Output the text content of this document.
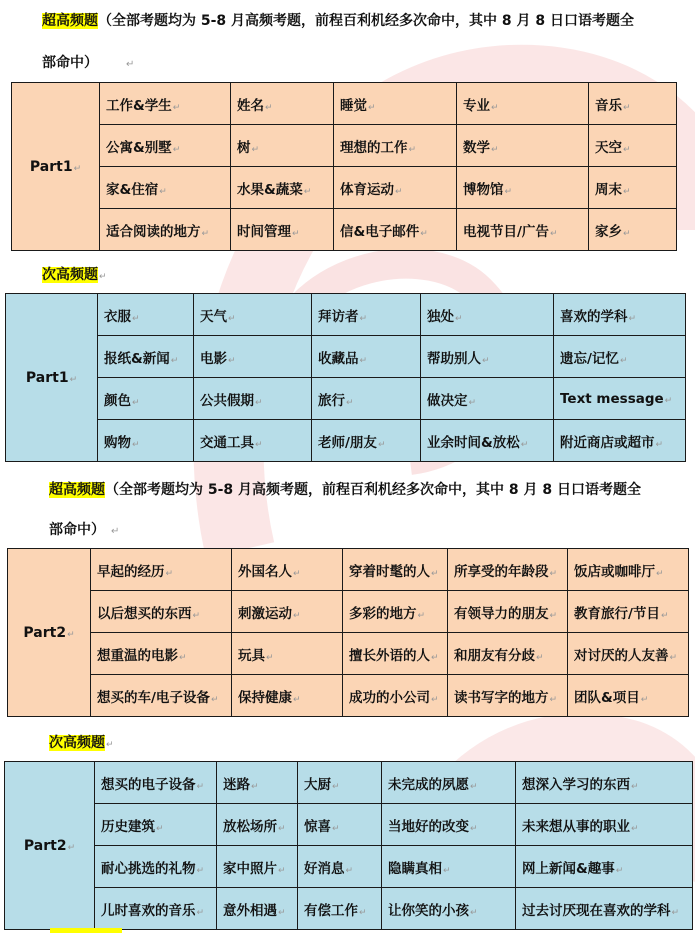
超高频题（全部考题均为 5-8 月高频考题，前程百利机经多次命中，其中 8 月 8 日口语考题全
部命中）	↵
Part1↵	工作&学生↵	姓名↵	睡觉↵	专业↵	音乐↵
	公寓&别墅↵	树↵	理想的工作↵	数学↵	天空↵
	家&住宿↵	水果&蔬菜↵	体育运动↵	博物馆↵	周末↵
	适合阅读的地方↵	时间管理↵	信&电子邮件↵	电视节目/广告↵	家乡↵
次高频题↵
Part1↵	衣服↵	天气↵	拜访者↵	独处↵	喜欢的学科↵
	报纸&新闻↵	电影↵	收藏品↵	帮助别人↵	遗忘/记忆↵
	颜色↵	公共假期↵	旅行↵	做决定↵	Text message↵
	购物↵	交通工具↵	老师/朋友↵	业余时间&放松↵	附近商店或超市↵
超高频题（全部考题均为 5-8 月高频考题，前程百利机经多次命中，其中 8 月 8 日口语考题全
部命中） ↵
Part2↵	早起的经历↵	外国名人↵	穿着时髦的人↵	所享受的年龄段↵	饭店或咖啡厅↵
	以后想买的东西↵	刺激运动↵	多彩的地方↵	有领导力的朋友↵	教育旅行/节目↵
	想重温的电影↵	玩具↵	擅长外语的人↵	和朋友有分歧↵	对讨厌的人友善↵
	想买的车/电子设备↵	保持健康↵	成功的小公司↵	读书写字的地方↵	团队&项目↵
次高频题↵
Part2↵	想买的电子设备↵	迷路↵	大厨↵	未完成的夙愿↵	想深入学习的东西↵
	历史建筑↵	放松场所↵	惊喜↵	当地好的改变↵	未来想从事的职业↵
	耐心挑选的礼物↵	家中照片↵	好消息↵	隐瞒真相↵	网上新闻&趣事↵
	儿时喜欢的音乐↵	意外相遇↵	有偿工作↵	让你笑的小孩↵	过去讨厌现在喜欢的学科↵
